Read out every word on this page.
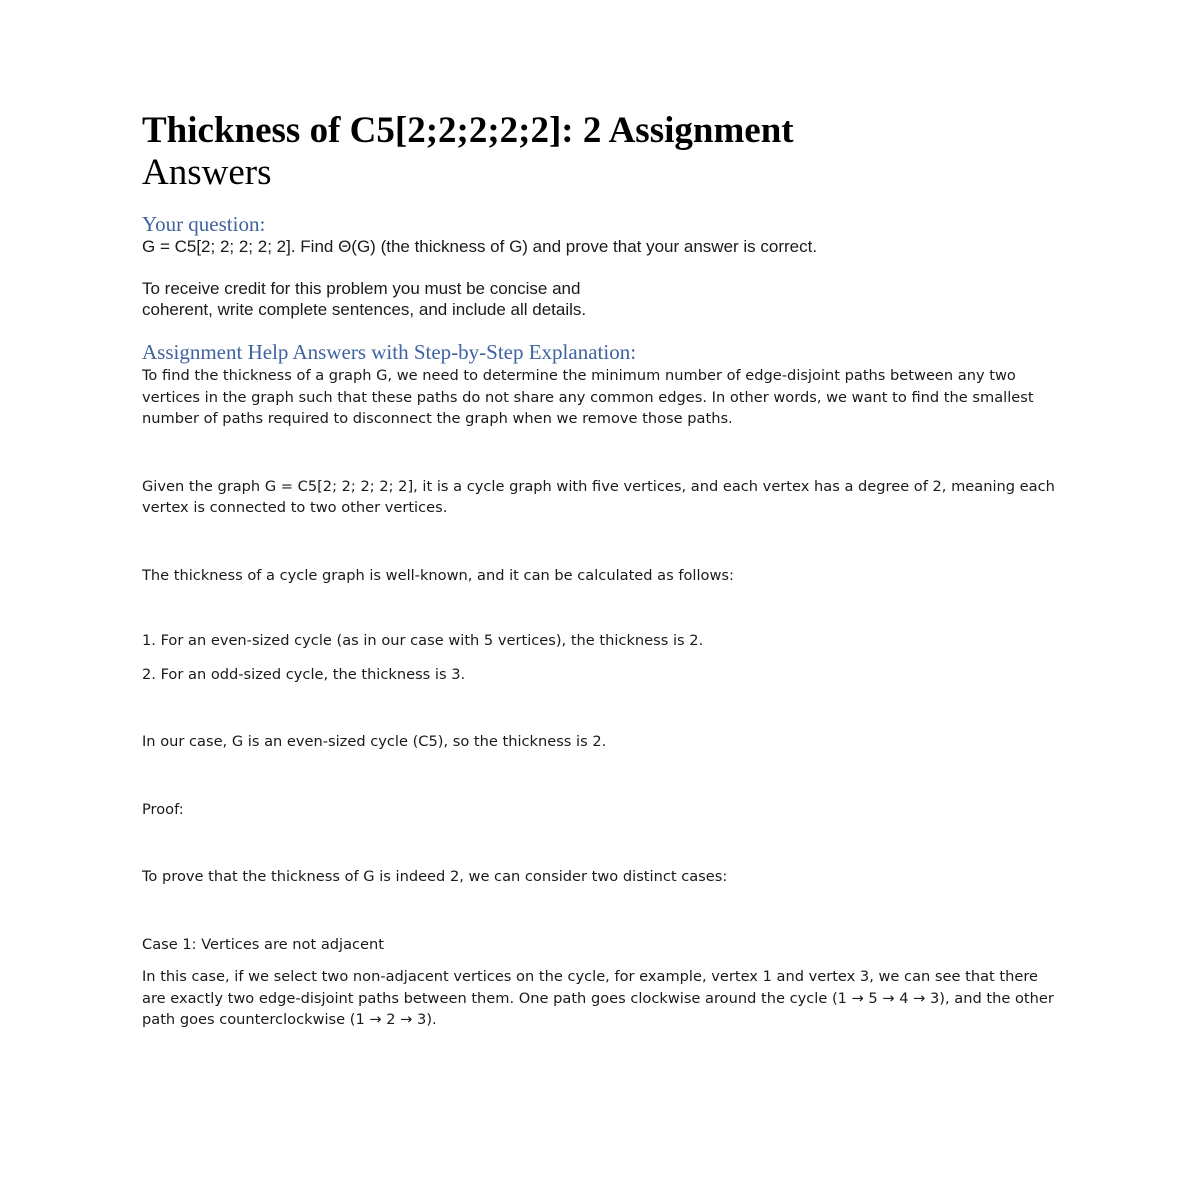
Thickness of C5[2;2;2;2;2]: 2 Assignment
Answers
Your question:

G = C5[2; 2; 2; 2; 2]. Find Θ(G) (the thickness of G) and prove that your answer is correct.

To receive credit for this problem you must be concise and

coherent, write complete sentences, and include all details.

Assignment Help Answers with Step-by-Step Explanation:

To find the thickness of a graph G, we need to determine the minimum number of edge-disjoint paths between any two vertices in the graph such that these paths do not share any common edges. In other words, we want to find the smallest number of paths required to disconnect the graph when we remove those paths.

Given the graph G = C5[2; 2; 2; 2; 2], it is a cycle graph with five vertices, and each vertex has a degree of 2, meaning each vertex is connected to two other vertices.

The thickness of a cycle graph is well-known, and it can be calculated as follows:

1. For an even-sized cycle (as in our case with 5 vertices), the thickness is 2.

2. For an odd-sized cycle, the thickness is 3.

In our case, G is an even-sized cycle (C5), so the thickness is 2.

Proof:

To prove that the thickness of G is indeed 2, we can consider two distinct cases:

Case 1: Vertices are not adjacent

In this case, if we select two non-adjacent vertices on the cycle, for example, vertex 1 and vertex 3, we can see that there are exactly two edge-disjoint paths between them. One path goes clockwise around the cycle (1 → 5 → 4 → 3), and the other path goes counterclockwise (1 → 2 → 3).
